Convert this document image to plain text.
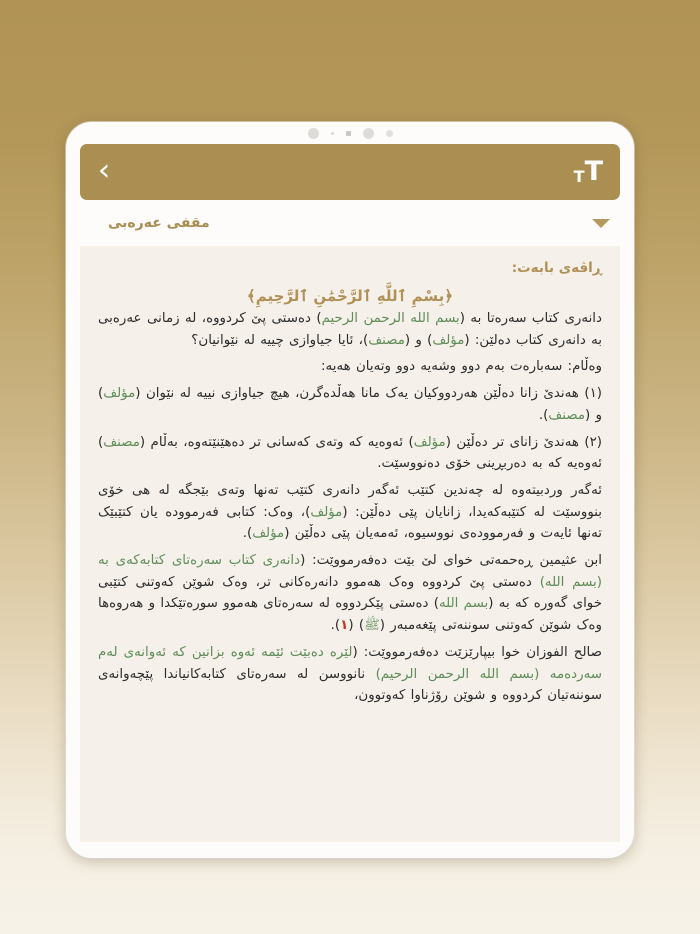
T
T
›
مقفى عەرەبی
ڕاڤەی بابەت:
﴿بِسْمِ ٱللَّهِ ٱلرَّحْمَٰنِ ٱلرَّحِيمِ﴾

دانەری کتاب سەرەتا بە (بسم الله الرحمن الرحيم) دەستی پێ کردووە، لە زمانی عەرەبی بە دانەری کتاب دەلێن: (مؤلف) و (مصنف)، ئایا جیاوازی چییە لە نێوانیان؟

وەڵام: سەبارەت بەم دوو وشەیە دوو وتەیان هەیە:

(١) هەندێ زانا دەڵێن هەردووکیان یەک مانا هەڵدەگرن، هیچ جیاوازی نییە لە نێوان (مؤلف) و (مصنف).

(٢) هەندێ زانای تر دەڵێن (مؤلف) ئەوەیە کە وتەی کەسانی تر دەهێنێتەوە، بەڵام (مصنف) ئەوەیە کە بە دەربڕینی خۆی دەنووسێت.

ئەگەر وردبیتەوە لە چەندین کتێب ئەگەر دانەری کتێب تەنها وتەی بێجگە لە هی خۆی بنووسێت لە کتێبەکەیدا، زانایان پێی دەڵێن: (مؤلف)، وەک: کتابی فەرموودە یان کتێبێک تەنها ئایەت و فەرموودەی نووسیوە، ئەمەیان پێی دەڵێن (مؤلف).

ابن عثیمین ڕەحمەتی خوای لێ بێت دەفەرمووێت: (دانەری کتاب سەرەتای کتابەکەی بە (بسم الله) دەستی پێ کردووە وەک هەموو دانەرەکانی تر، وەک شوێن کەوتنی کتێبی خوای گەورە کە بە (بسم الله) دەستی پێکردووە لە سەرەتای هەموو سورەتێکدا و هەروەها وەک شوێن کەوتنی سوننەتی پێغەمبەر (ﷺ) (١).

صالح الفوزان خوا بیپارێزێت دەفەرمووێت: (لێرە دەبێت ئێمە ئەوە بزانین کە ئەوانەی لەم سەردەمە (بسم الله الرحمن الرحيم) نانووسن لە سەرەتای کتابەکانیاندا پێچەوانەی سوننەتیان کردووە و شوێن رۆژناوا کەوتوون،
